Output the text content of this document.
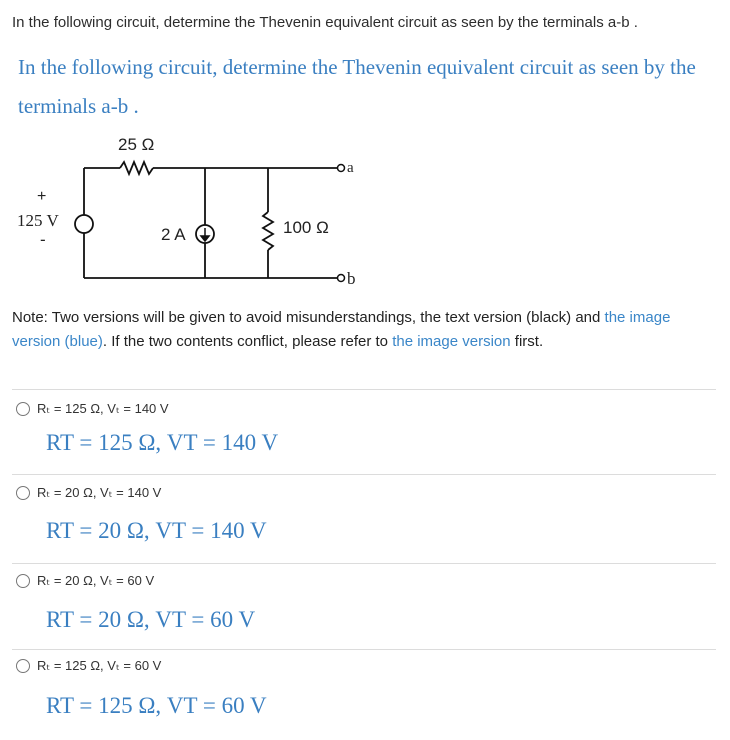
In the following circuit, determine the Thevenin equivalent circuit as seen by the terminals a-b .
In the following circuit, determine the Thevenin equivalent circuit as seen by the
terminals a-b .
25 Ω
+
125 V
-	2 A	100 Ω
a
b
Note: Two versions will be given to avoid misunderstandings, the text version (black) and the image version (blue). If the two contents conflict, please refer to the image version first.
Rₜ = 125 Ω, Vₜ = 140 V
RT = 125 Ω, VT = 140 V
Rₜ = 20 Ω, Vₜ = 140 V
RT = 20 Ω, VT = 140 V
Rₜ = 20 Ω, Vₜ = 60 V
RT = 20 Ω, VT = 60 V
Rₜ = 125 Ω, Vₜ = 60 V
RT = 125 Ω, VT = 60 V
